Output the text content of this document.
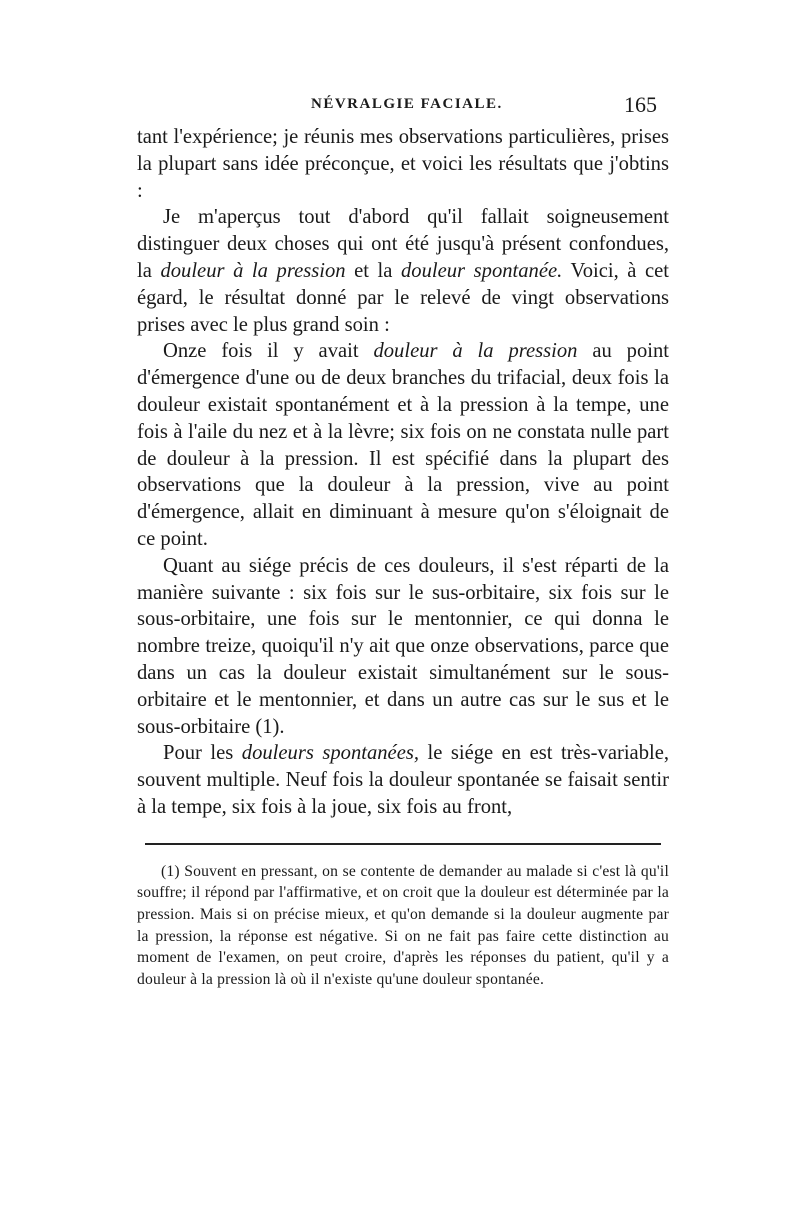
NÉVRALGIE FACIALE.	165

tant l'expérience; je réunis mes observations particulières, prises la plupart sans idée préconçue, et voici les résultats que j'obtins :

Je m'aperçus tout d'abord qu'il fallait soigneusement distinguer deux choses qui ont été jusqu'à présent confondues, la douleur à la pression et la douleur spontanée. Voici, à cet égard, le résultat donné par le relevé de vingt observations prises avec le plus grand soin :

Onze fois il y avait douleur à la pression au point d'émergence d'une ou de deux branches du trifacial, deux fois la douleur existait spontanément et à la pression à la tempe, une fois à l'aile du nez et à la lèvre; six fois on ne constata nulle part de douleur à la pression. Il est spécifié dans la plupart des observations que la douleur à la pression, vive au point d'émergence, allait en diminuant à mesure qu'on s'éloignait de ce point.

Quant au siége précis de ces douleurs, il s'est réparti de la manière suivante : six fois sur le sus-orbitaire, six fois sur le sous-orbitaire, une fois sur le mentonnier, ce qui donna le nombre treize, quoiqu'il n'y ait que onze observations, parce que dans un cas la douleur existait simultanément sur le sous-orbitaire et le mentonnier, et dans un autre cas sur le sus et le sous-orbitaire (1).

Pour les douleurs spontanées, le siége en est très-variable, souvent multiple. Neuf fois la douleur spontanée se faisait sentir à la tempe, six fois à la joue, six fois au front,

(1) Souvent en pressant, on se contente de demander au malade si c'est là qu'il souffre; il répond par l'affirmative, et on croit que la douleur est déterminée par la pression. Mais si on précise mieux, et qu'on demande si la douleur augmente par la pression, la réponse est négative. Si on ne fait pas faire cette distinction au moment de l'examen, on peut croire, d'après les réponses du patient, qu'il y a douleur à la pression là où il n'existe qu'une douleur spontanée.
